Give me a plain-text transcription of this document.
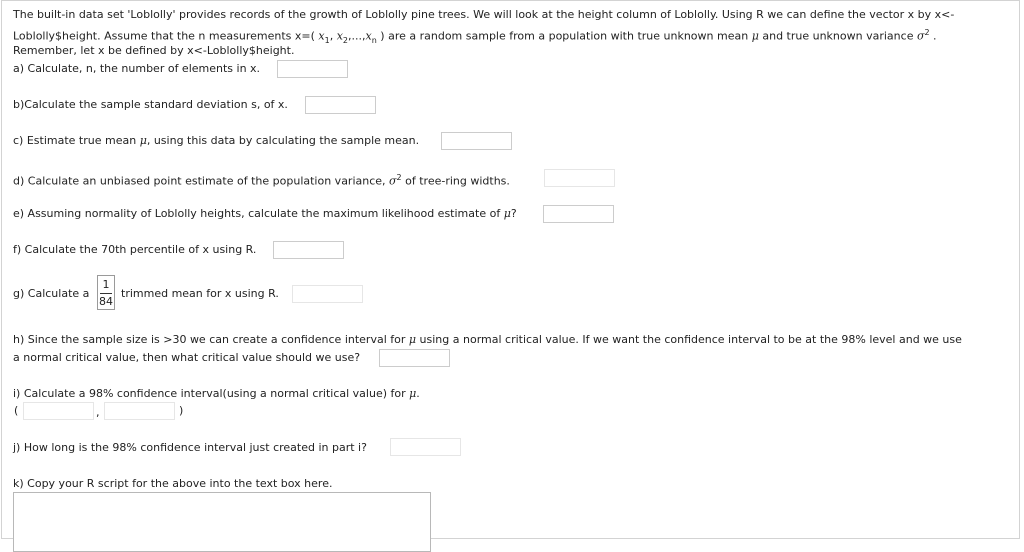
The built-in data set 'Loblolly' provides records of the growth of Loblolly pine trees. We will look at the height column of Loblolly. Using R we can define the vector x by x<-
Loblolly$height. Assume that the n measurements x=( $x_1$, $x_2,...,x_n$ ) are a random sample from a population with true unknown mean μ and true unknown variance $\sigma^2$ .
Remember, let x be defined by x<-Loblolly$height.
a) Calculate, n, the number of elements in x.
b)Calculate the sample standard deviation s, of x.
c) Estimate true mean μ, using this data by calculating the sample mean.
d) Calculate an unbiased point estimate of the population variance, $\sigma^2$ of tree-ring widths.
e) Assuming normality of Loblolly heights, calculate the maximum likelihood estimate of μ?
f) Calculate the 70th percentile of x using R.
g) Calculate a
1
84
trimmed mean for x using R.
h) Since the sample size is >30 we can create a confidence interval for μ using a normal critical value. If we want the confidence interval to be at the 98% level and we use
a normal critical value, then what critical value should we use?
i) Calculate a 98% confidence interval(using a normal critical value) for μ.
(	,	)
j) How long is the 98% confidence interval just created in part i?
k) Copy your R script for the above into the text box here.
